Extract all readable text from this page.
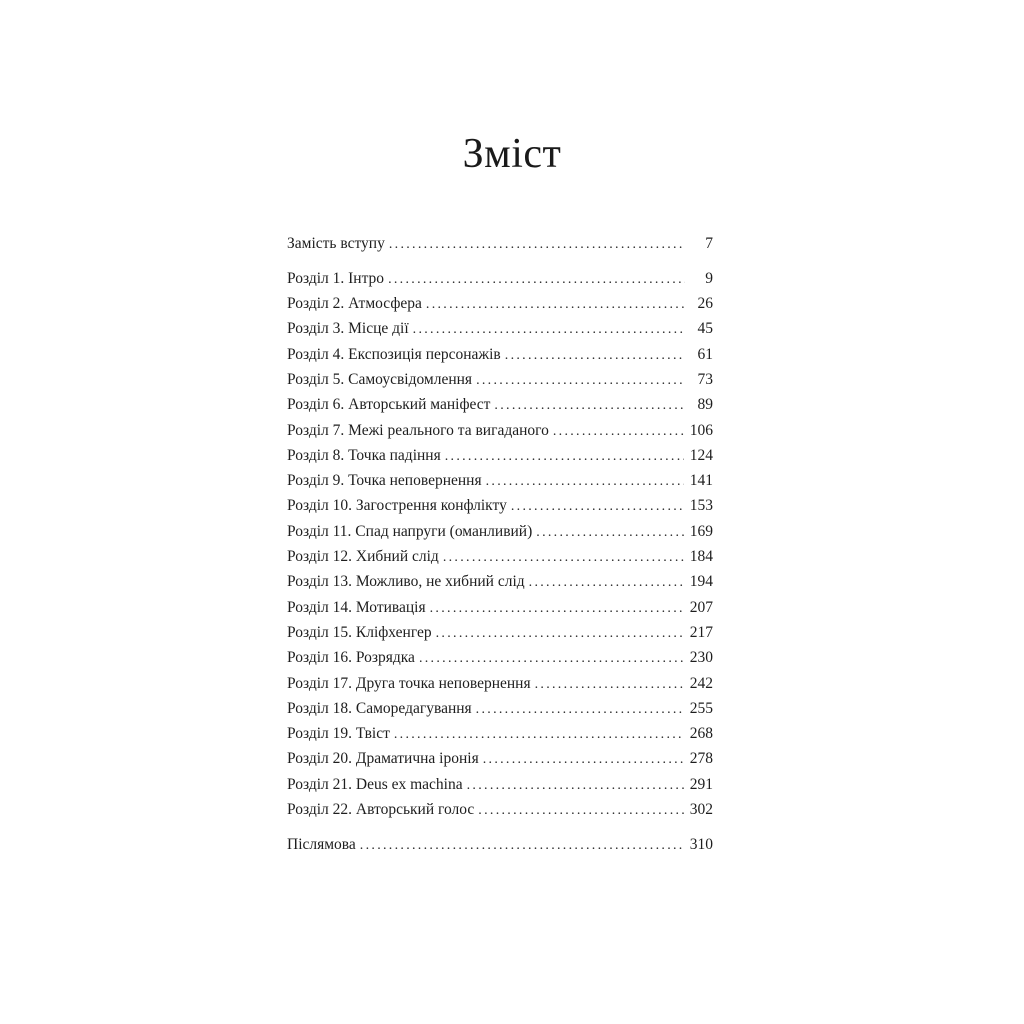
Зміст
Замість вступу . . .	7
Розділ 1. Інтро . . .	9
Розділ 2. Атмосфера . . .	26
Розділ 3. Місце дії . . .	45
Розділ 4. Експозиція персонажів . . .	61
Розділ 5. Самоусвідомлення . . .	73
Розділ 6. Авторський маніфест . . .	89
Розділ 7. Межі реального та вигаданого . . .	106
Розділ 8. Точка падіння . . .	124
Розділ 9. Точка неповернення . . .	141
Розділ 10. Загострення конфлікту . . .	153
Розділ 11. Спад напруги (оманливий) . . .	169
Розділ 12. Хибний слід . . .	184
Розділ 13. Можливо, не хибний слід . . .	194
Розділ 14. Мотивація . . .	207
Розділ 15. Кліфхенгер . . .	217
Розділ 16. Розрядка . . .	230
Розділ 17. Друга точка неповернення . . .	242
Розділ 18. Саморедагування . . .	255
Розділ 19. Твіст . . .	268
Розділ 20. Драматична іронія . . .	278
Розділ 21. Deus ex machina . . .	291
Розділ 22. Авторський голос . . .	302
Післямова . . .	310
